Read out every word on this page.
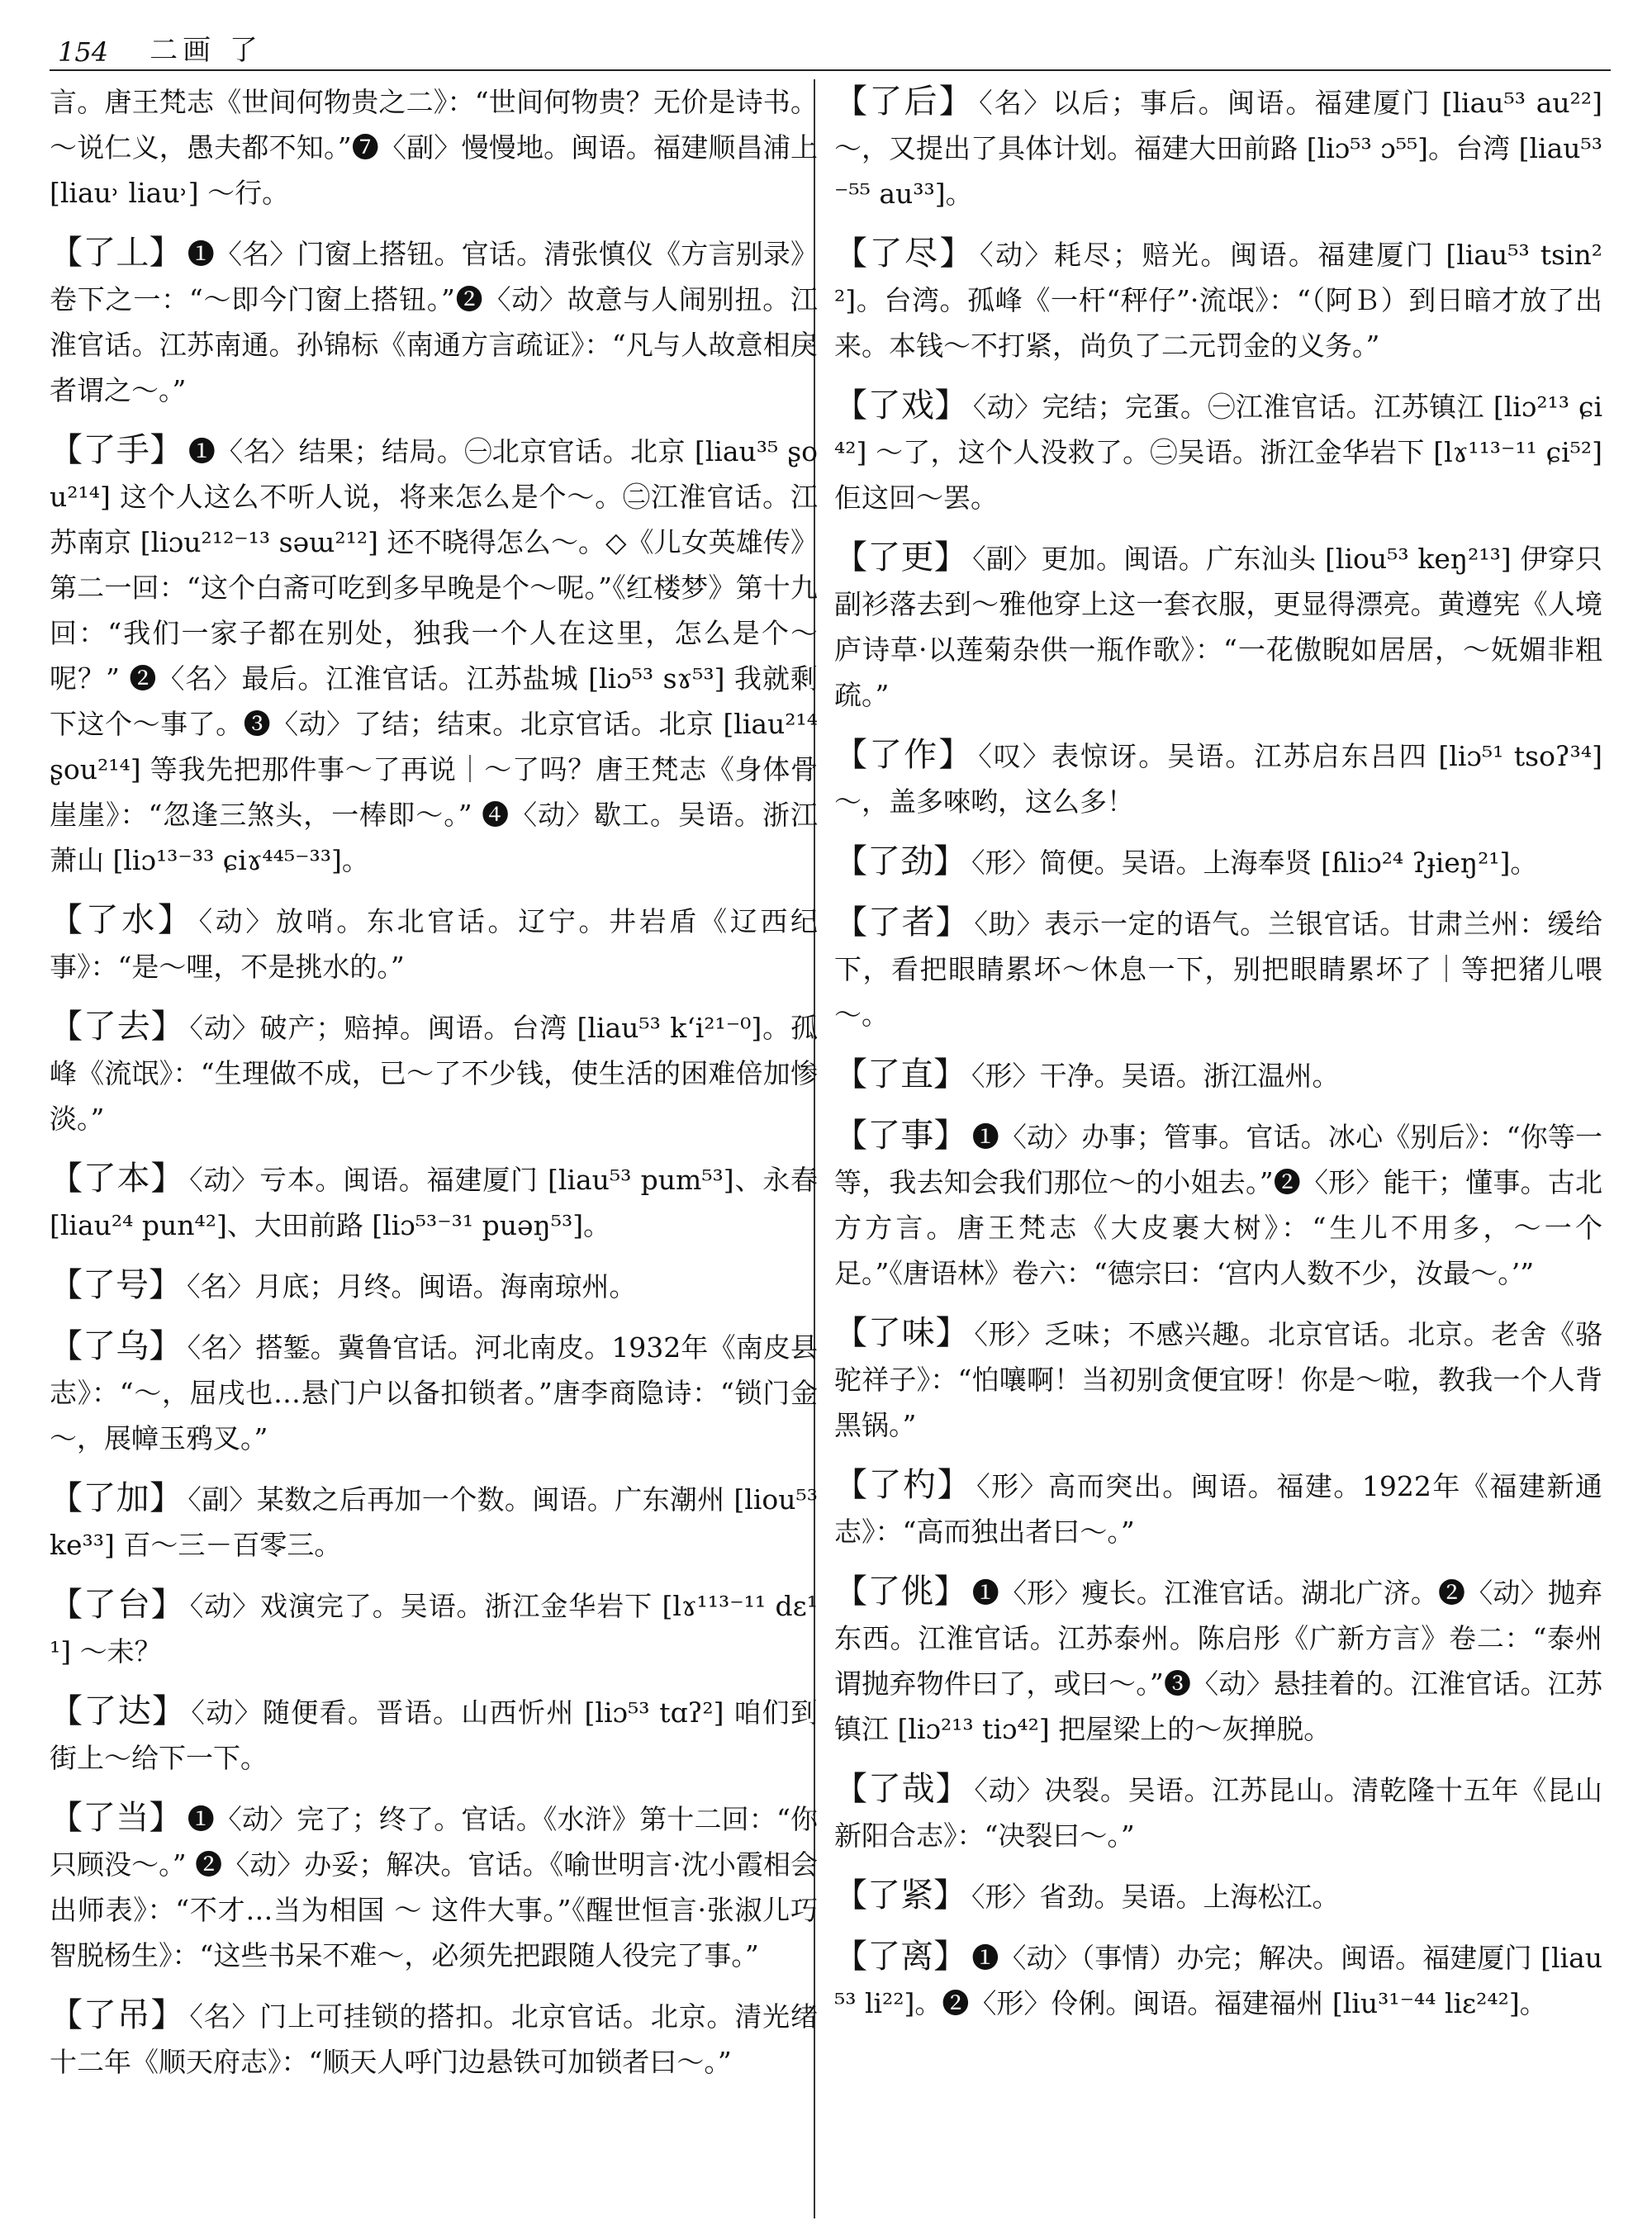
154 二画 了
言。唐王梵志《世间何物贵之二》：“世间何物贵？无价是诗书。～说仁义，愚夫都不知。”❼〈副〉慢慢地。闽语。福建顺昌浦上 [liau˒ liau˒] ～行。
【了丄】 ❶〈名〉门窗上搭钮。官话。清张慎仪《方言别录》卷下之一：“～即今门窗上搭钮。”❷〈动〉故意与人闹别扭。江淮官话。江苏南通。孙锦标《南通方言疏证》：“凡与人故意相戾者谓之～。”
【了手】 ❶〈名〉结果；结局。㊀北京官话。北京 [liau³⁵ ʂou²¹⁴] 这个人这么不听人说，将来怎么是个～。㊁江淮官话。江苏南京 [liɔu²¹²⁻¹³ səɯ²¹²] 还不晓得怎么～。◇《儿女英雄传》第二一回：“这个白斋可吃到多早晚是个～呢。”《红楼梦》第十九回：“我们一家子都在别处，独我一个人在这里，怎么是个～呢？” ❷〈名〉最后。江淮官话。江苏盐城 [liɔ⁵³ sɤ⁵³] 我就剩下这个～事了。❸〈动〉了结；结束。北京官话。北京 [liau²¹⁴ ʂou²¹⁴] 等我先把那件事～了再说｜～了吗？唐王梵志《身体骨崖崖》：“忽逢三煞头，一棒即～。” ❹〈动〉歇工。吴语。浙江萧山 [liɔ¹³⁻³³ ɕiɤ⁴⁴⁵⁻³³]。
【了水】 〈动〉放哨。东北官话。辽宁。井岩盾《辽西纪事》：“是～哩，不是挑水的。”
【了去】 〈动〉破产；赔掉。闽语。台湾 [liau⁵³ k‘i²¹⁻⁰]。孤峰《流氓》：“生理做不成，已～了不少钱，使生活的困难倍加惨淡。”
【了本】 〈动〉亏本。闽语。福建厦门 [liau⁵³ pum⁵³]、永春 [liau²⁴ pun⁴²]、大田前路 [liɔ⁵³⁻³¹ puəŋ⁵³]。
【了号】 〈名〉月底；月终。闽语。海南琼州。
【了乌】 〈名〉搭錾。冀鲁官话。河北南皮。1932年《南皮县志》：“～，屈戌也…悬门户以备扣锁者。”唐李商隐诗：“锁门金～，展幛玉鸦叉。”
【了加】 〈副〉某数之后再加一个数。闽语。广东潮州 [liou⁵³ ke³³] 百～三－百零三。
【了台】 〈动〉戏演完了。吴语。浙江金华岩下 [lɤ¹¹³⁻¹¹ dɛ¹¹] ～未？
【了达】 〈动〉随便看。晋语。山西忻州 [liɔ⁵³ tɑʔ²] 咱们到街上～给下一下。
【了当】 ❶〈动〉完了；终了。官话。《水浒》第十二回：“你只顾没～。” ❷〈动〉办妥；解决。官话。《喻世明言·沈小霞相会出师表》：“不才…当为相国 ～ 这件大事。”《醒世恒言·张淑儿巧智脱杨生》：“这些书呆不难～，必须先把跟随人役完了事。”
【了吊】 〈名〉门上可挂锁的搭扣。北京官话。北京。清光绪十二年《顺天府志》：“顺天人呼门边悬铁可加锁者曰～。”
【了后】 〈名〉以后；事后。闽语。福建厦门 [liau⁵³ au²²] ～，又提出了具体计划。福建大田前路 [liɔ⁵³ ɔ⁵⁵]。台湾 [liau⁵³⁻⁵⁵ au³³]。
【了尽】 〈动〉耗尽；赔光。闽语。福建厦门 [liau⁵³ tsin²²]。台湾。孤峰《一杆“秤仔”·流氓》：“（阿Ｂ）到日暗才放了出来。本钱～不打紧，尚负了二元罚金的义务。”
【了戏】 〈动〉完结；完蛋。㊀江淮官话。江苏镇江 [liɔ²¹³ ɕi⁴²] ～了，这个人没救了。㊁吴语。浙江金华岩下 [lɤ¹¹³⁻¹¹ ɕi⁵²] 佢这回～罢。
【了更】 〈副〉更加。闽语。广东汕头 [liou⁵³ keŋ²¹³] 伊穿只副衫落去到～雅他穿上这一套衣服，更显得漂亮。黄遵宪《人境庐诗草·以莲菊杂供一瓶作歌》：“一花傲睨如居居，～妩媚非粗疏。”
【了作】 〈叹〉表惊讶。吴语。江苏启东吕四 [liɔ⁵¹ tsoʔ³⁴] ～，盖多唻哟，这么多！
【了劲】 〈形〉简便。吴语。上海奉贤 [ɦliɔ²⁴ ʔɟieŋ²¹]。
【了者】 〈助〉表示一定的语气。兰银官话。甘肃兰州：缓给下，看把眼睛累坏～休息一下，别把眼睛累坏了｜等把猪儿喂～。
【了直】 〈形〉干净。吴语。浙江温州。
【了事】 ❶〈动〉办事；管事。官话。冰心《别后》：“你等一等，我去知会我们那位～的小姐去。”❷〈形〉能干；懂事。古北方方言。唐王梵志《大皮裹大树》：“生儿不用多，～一个足。”《唐语林》卷六：“德宗曰：‘宫内人数不少，汝最～。’”
【了味】 〈形〉乏味；不感兴趣。北京官话。北京。老舍《骆驼祥子》：“怕嚷啊！当初别贪便宜呀！你是～啦，教我一个人背黑锅。”
【了杓】 〈形〉高而突出。闽语。福建。1922年《福建新通志》：“高而独出者曰～。”
【了佻】 ❶〈形〉瘦长。江淮官话。湖北广济。❷〈动〉抛弃东西。江淮官话。江苏泰州。陈启彤《广新方言》卷二：“泰州谓抛弃物件曰了，或曰～。”❸〈动〉悬挂着的。江淮官话。江苏镇江 [liɔ²¹³ tiɔ⁴²] 把屋梁上的～灰掸脱。
【了哉】 〈动〉决裂。吴语。江苏昆山。清乾隆十五年《昆山新阳合志》：“决裂曰～。”
【了紧】 〈形〉省劲。吴语。上海松江。
【了离】 ❶〈动〉（事情）办完；解决。闽语。福建厦门 [liau⁵³ li²²]。❷〈形〉伶俐。闽语。福建福州 [liu³¹⁻⁴⁴ liɛ²⁴²]。
